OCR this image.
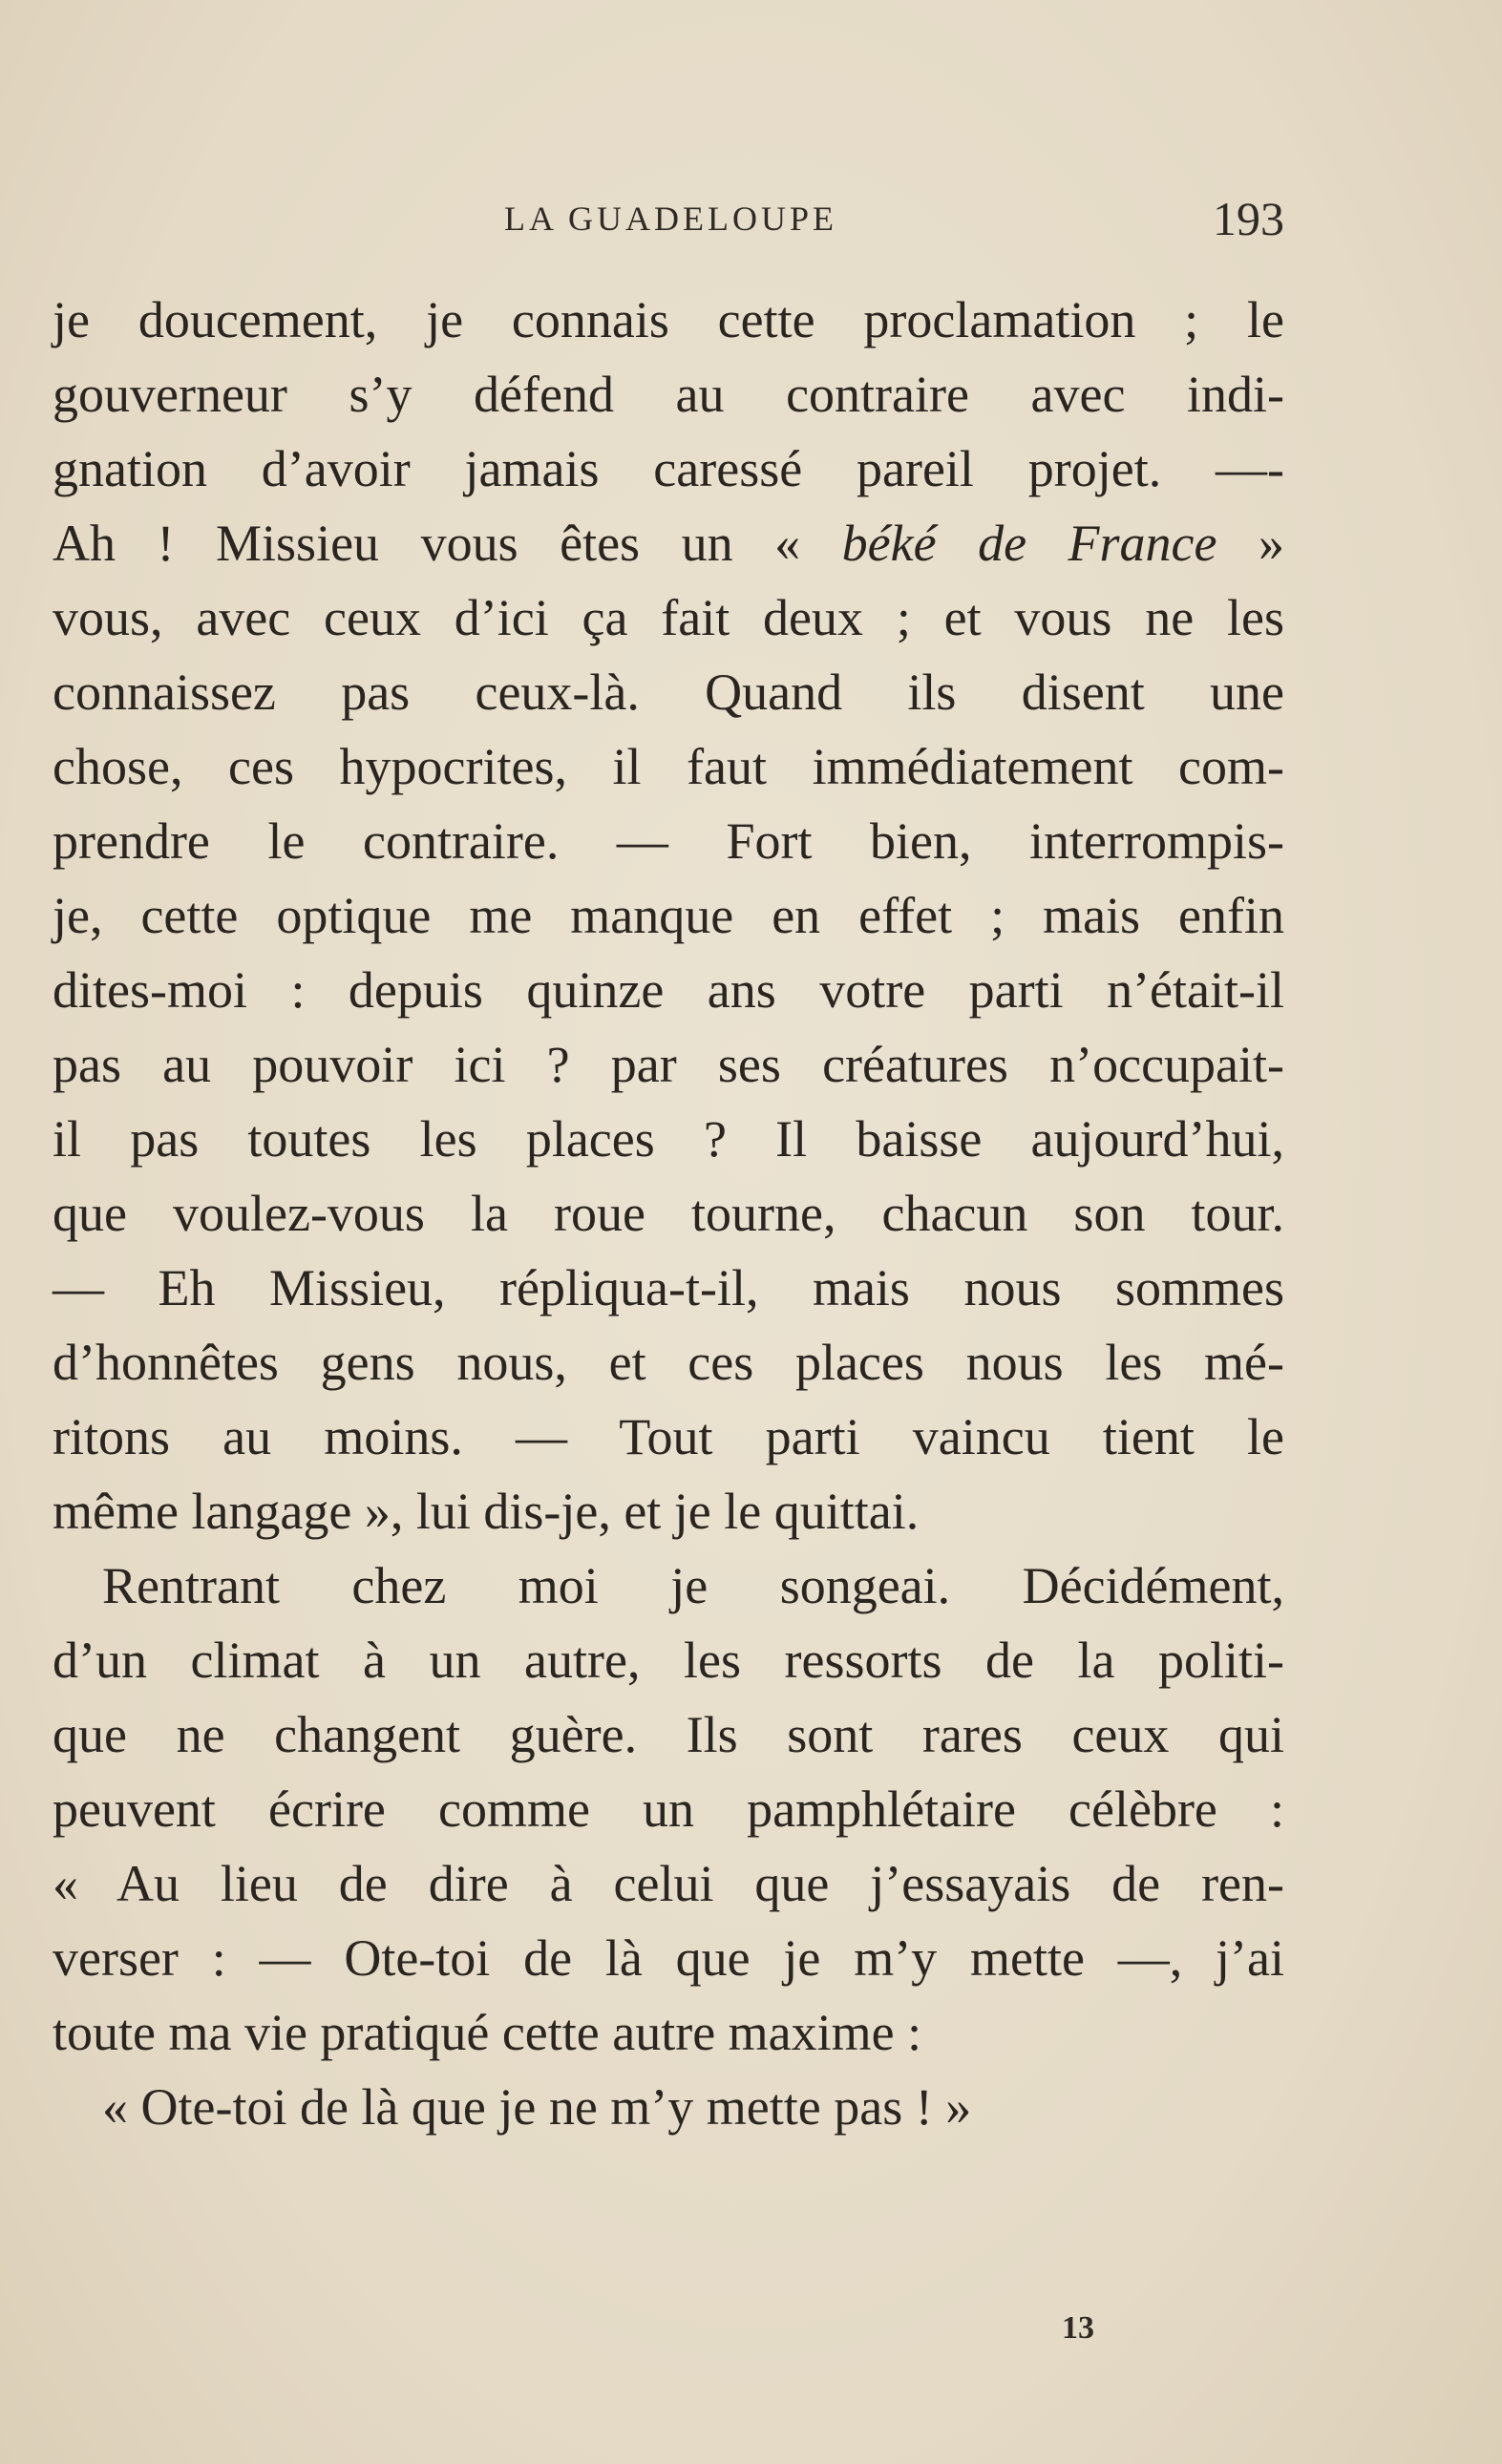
LA GUADELOUPE	193
je doucement, je connais cette proclamation ; le
gouverneur s’y défend au contraire avec indi-
gnation d’avoir jamais caressé pareil projet. —-
Ah ! Missieu vous êtes un « béké de France »
vous, avec ceux d’ici ça fait deux ; et vous ne les
connaissez pas ceux-là. Quand ils disent une
chose, ces hypocrites, il faut immédiatement com-
prendre le contraire. — Fort bien, interrompis-
je, cette optique me manque en effet ; mais enfin
dites-moi : depuis quinze ans votre parti n’était-il
pas au pouvoir ici ? par ses créatures n’occupait-
il pas toutes les places ? Il baisse aujourd’hui,
que voulez-vous la roue tourne, chacun son tour.
— Eh Missieu, répliqua-t-il, mais nous sommes
d’honnêtes gens nous, et ces places nous les mé-
ritons au moins. — Tout parti vaincu tient le
même langage », lui dis-je, et je le quittai.
Rentrant chez moi je songeai. Décidément,
d’un climat à un autre, les ressorts de la politi-
que ne changent guère. Ils sont rares ceux qui
peuvent écrire comme un pamphlétaire célèbre :
« Au lieu de dire à celui que j’essayais de ren-
verser : — Ote-toi de là que je m’y mette —, j’ai
toute ma vie pratiqué cette autre maxime :
« Ote-toi de là que je ne m’y mette pas ! »
13
